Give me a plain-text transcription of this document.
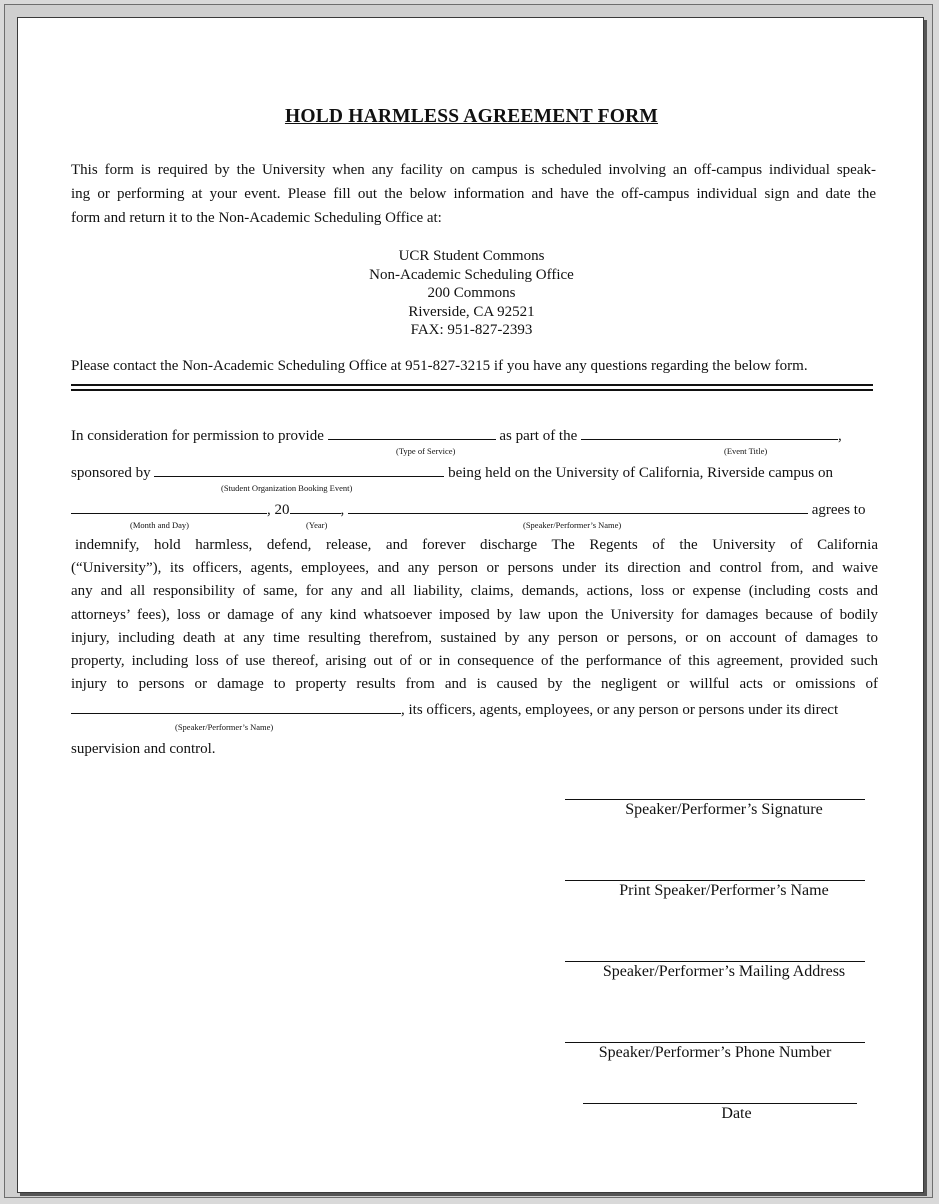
HOLD HARMLESS AGREEMENT FORM
This form is required by the University when any facility on campus is scheduled involving an off-campus individual speak-
ing or performing at your event. Please fill out the below information and have the off-campus individual sign and date the
form and return it to the Non-Academic Scheduling Office at:
UCR Student Commons
Non-Academic Scheduling Office
200 Commons
Riverside, CA 92521
FAX: 951-827-2393
Please contact the Non-Academic Scheduling Office at 951-827-3215 if you have any questions regarding the below form.
In consideration for permission to provide	as part of the	,
(Type of Service)	(Event Title)
sponsored by	being held on the University of California, Riverside campus on
(Student Organization Booking Event)
, 20	,	agrees to
(Month and Day)	(Year)	(Speaker/Performer’s Name)
indemnify, hold harmless, defend, release, and forever discharge The Regents of the University of California
(“University”), its officers, agents, employees, and any person or persons under its direction and control from, and waive
any and all responsibility of same, for any and all liability, claims, demands, actions, loss or expense (including costs and
attorneys’ fees), loss or damage of any kind whatsoever imposed by law upon the University for damages because of bodily
injury, including death at any time resulting therefrom, sustained by any person or persons, or on account of damages to
property, including loss of use thereof, arising out of or in consequence of the performance of this agreement, provided such
injury to persons or damage to property results from and is caused by the negligent or willful acts or omissions of
, its officers, agents, employees, or any person or persons under its direct
(Speaker/Performer’s Name)
supervision and control.
Speaker/Performer’s Signature
Print Speaker/Performer’s Name
Speaker/Performer’s Mailing Address
Speaker/Performer’s Phone Number
Date
